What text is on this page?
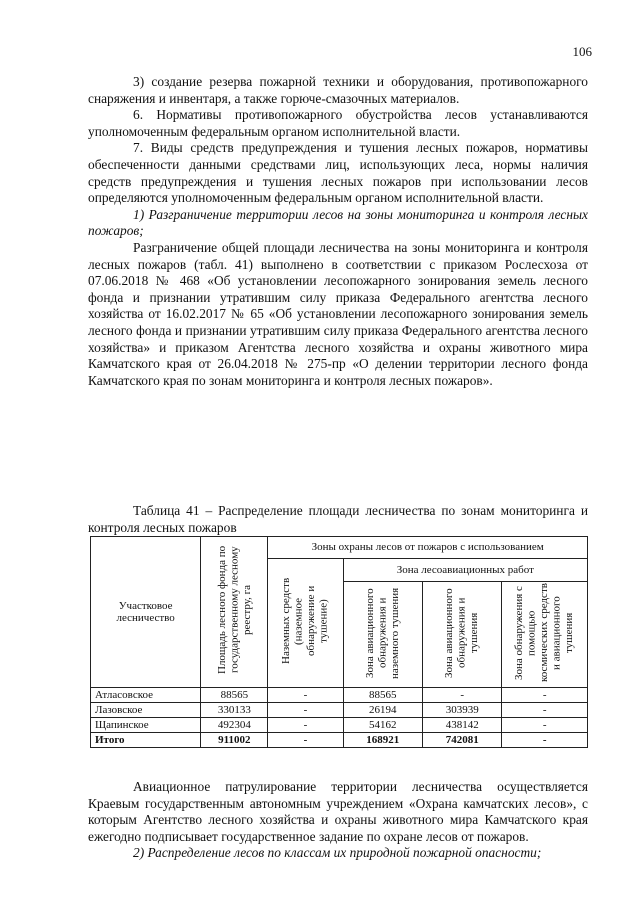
106

3) создание резерва пожарной техники и оборудования, противопожарного снаряжения и инвентаря, а также горюче-смазочных материалов.

6. Нормативы противопожарного обустройства лесов устанавливаются уполномоченным федеральным органом исполнительной власти.

7. Виды средств предупреждения и тушения лесных пожаров, нормативы обеспеченности данными средствами лиц, использующих леса, нормы наличия средств предупреждения и тушения лесных пожаров при использовании лесов определяются уполномоченным федеральным органом исполнительной власти.

1) Разграничение территории лесов на зоны мониторинга и контроля лесных пожаров;

Разграничение общей площади лесничества на зоны мониторинга и контроля лесных пожаров (табл. 41) выполнено в соответствии с приказом Рослесхоза от 07.06.2018 № 468 «Об установлении лесопожарного зонирования земель лесного фонда и признании утратившим силу приказа Федерального агентства лесного хозяйства от 16.02.2017 № 65 «Об установлении лесопожарного зонирования земель лесного фонда и признании утратившим силу приказа Федерального агентства лесного хозяйства» и приказом Агентства лесного хозяйства и охраны животного мира Камчатского края от 26.04.2018 № 275-пр «О делении территории лесного фонда Камчатского края по зонам мониторинга и контроля лесных пожаров».

Таблица 41 – Распределение площади лесничества по зонам мониторинга и контроля лесных пожаров
Участковое лесничество	Площадь лесного фонда по государственному лесному реестру, га	Зоны охраны лесов от пожаров с использованием			
		Наземных средств (наземное обнаружение и тушение)	Зона лесоавиационных работ		
			Зона авиационного обнаружения и наземного тушения	Зона авиационного обнаружения и тушения	Зона обнаружения с помощью космических средств и авиационного тушения
Атласовское	88565	-	88565	-	-
Лазовское	330133	-	26194	303939	-
Щапинское	492304	-	54162	438142	-
Итого	911002	-	168921	742081	-

Авиационное патрулирование территории лесничества осуществляется Краевым государственным автономным учреждением «Охрана камчатских лесов», с которым Агентство лесного хозяйства и охраны животного мира Камчатского края ежегодно подписывает государственное задание по охране лесов от пожаров.

2) Распределение лесов по классам их природной пожарной опасности;
